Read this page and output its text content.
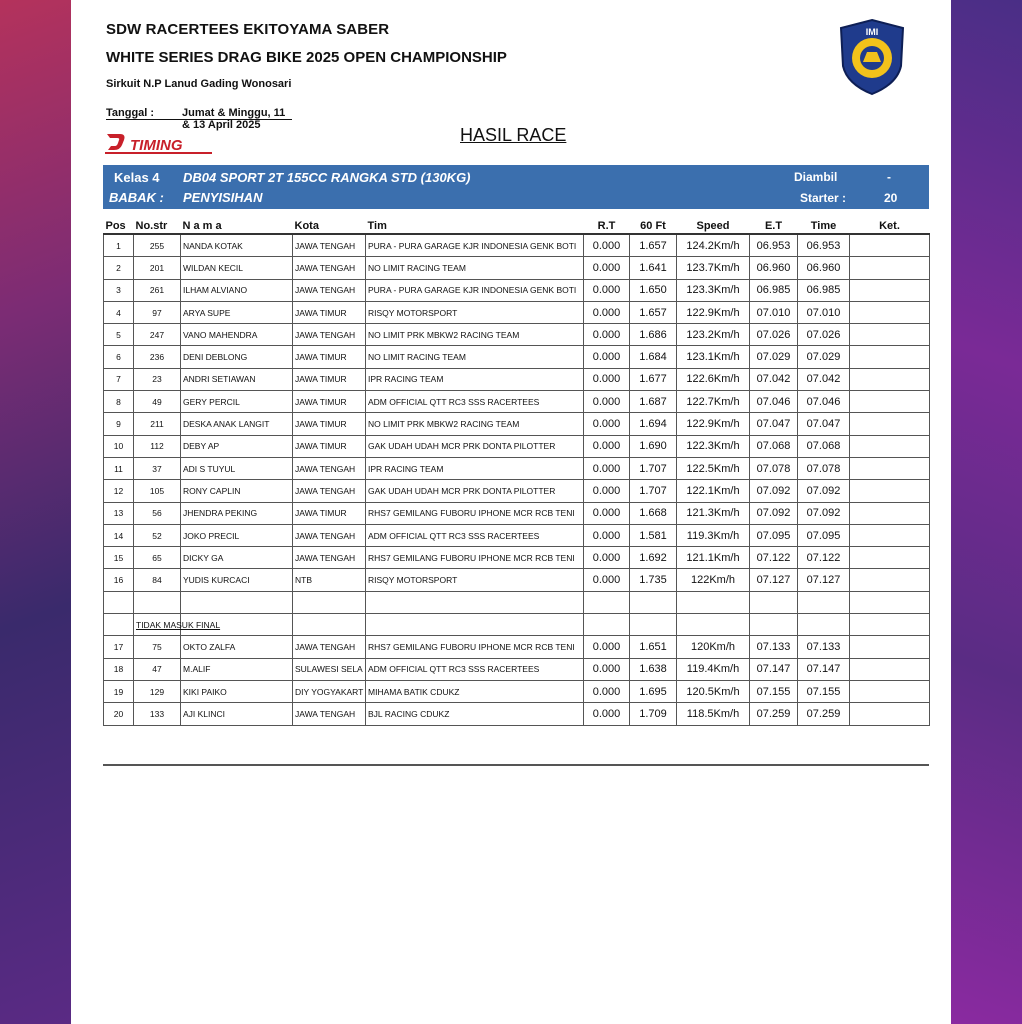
SDW RACERTEES EKITOYAMA SABER
WHITE SERIES DRAG BIKE 2025 OPEN CHAMPIONSHIP
Sirkuit N.P Lanud Gading Wonosari
Tanggal :	Jumat & Minggu, 11 & 13 April 2025	HASIL RACE
TIMING
IMI
Kelas 4 DB04 SPORT 2T 155CC RANGKA STD (130KG)
BABAK : PENYISIHAN
Diambil	-
Starter :	20
Pos	No.str	N a m a	Kota	Tim	R.T	60 Ft	Speed	E.T	Time	Ket.
1	255	NANDA KOTAK	JAWA TENGAH	PURA - PURA GARAGE KJR INDONESIA GENK BOTI	0.000	1.657	124.2Km/h	06.953	06.953	
2	201	WILDAN KECIL	JAWA TENGAH	NO LIMIT RACING TEAM	0.000	1.641	123.7Km/h	06.960	06.960	
3	261	ILHAM ALVIANO	JAWA TENGAH	PURA - PURA GARAGE KJR INDONESIA GENK BOTI	0.000	1.650	123.3Km/h	06.985	06.985	
4	97	ARYA SUPE	JAWA TIMUR	RISQY MOTORSPORT	0.000	1.657	122.9Km/h	07.010	07.010	
5	247	VANO MAHENDRA	JAWA TENGAH	NO LIMIT PRK MBKW2 RACING TEAM	0.000	1.686	123.2Km/h	07.026	07.026	
6	236	DENI DEBLONG	JAWA TIMUR	NO LIMIT RACING TEAM	0.000	1.684	123.1Km/h	07.029	07.029	
7	23	ANDRI SETIAWAN	JAWA TIMUR	IPR RACING TEAM	0.000	1.677	122.6Km/h	07.042	07.042	
8	49	GERY PERCIL	JAWA TIMUR	ADM OFFICIAL QTT RC3 SSS RACERTEES	0.000	1.687	122.7Km/h	07.046	07.046	
9	211	DESKA ANAK LANGIT	JAWA TIMUR	NO LIMIT PRK MBKW2 RACING TEAM	0.000	1.694	122.9Km/h	07.047	07.047	
10	112	DEBY AP	JAWA TIMUR	GAK UDAH UDAH MCR PRK DONTA PILOTTER	0.000	1.690	122.3Km/h	07.068	07.068	
11	37	ADI S TUYUL	JAWA TENGAH	IPR RACING TEAM	0.000	1.707	122.5Km/h	07.078	07.078	
12	105	RONY CAPLIN	JAWA TENGAH	GAK UDAH UDAH MCR PRK DONTA PILOTTER	0.000	1.707	122.1Km/h	07.092	07.092	
13	56	JHENDRA PEKING	JAWA TIMUR	RHS7 GEMILANG FUBORU IPHONE MCR RCB TENI	0.000	1.668	121.3Km/h	07.092	07.092	
14	52	JOKO PRECIL	JAWA TENGAH	ADM OFFICIAL QTT RC3 SSS RACERTEES	0.000	1.581	119.3Km/h	07.095	07.095	
15	65	DICKY GA	JAWA TENGAH	RHS7 GEMILANG FUBORU IPHONE MCR RCB TENI	0.000	1.692	121.1Km/h	07.122	07.122	
16	84	YUDIS KURCACI	NTB	RISQY MOTORSPORT	0.000	1.735	122Km/h	07.127	07.127	

	TIDAK MASUK FINAL									
17	75	OKTO ZALFA	JAWA TENGAH	RHS7 GEMILANG FUBORU IPHONE MCR RCB TENI	0.000	1.651	120Km/h	07.133	07.133	
18	47	M.ALIF	SULAWESI SELA	ADM OFFICIAL QTT RC3 SSS RACERTEES	0.000	1.638	119.4Km/h	07.147	07.147	
19	129	KIKI PAIKO	DIY YOGYAKART	MIHAMA BATIK CDUKZ	0.000	1.695	120.5Km/h	07.155	07.155	
20	133	AJI KLINCI	JAWA TENGAH	BJL RACING CDUKZ	0.000	1.709	118.5Km/h	07.259	07.259	
